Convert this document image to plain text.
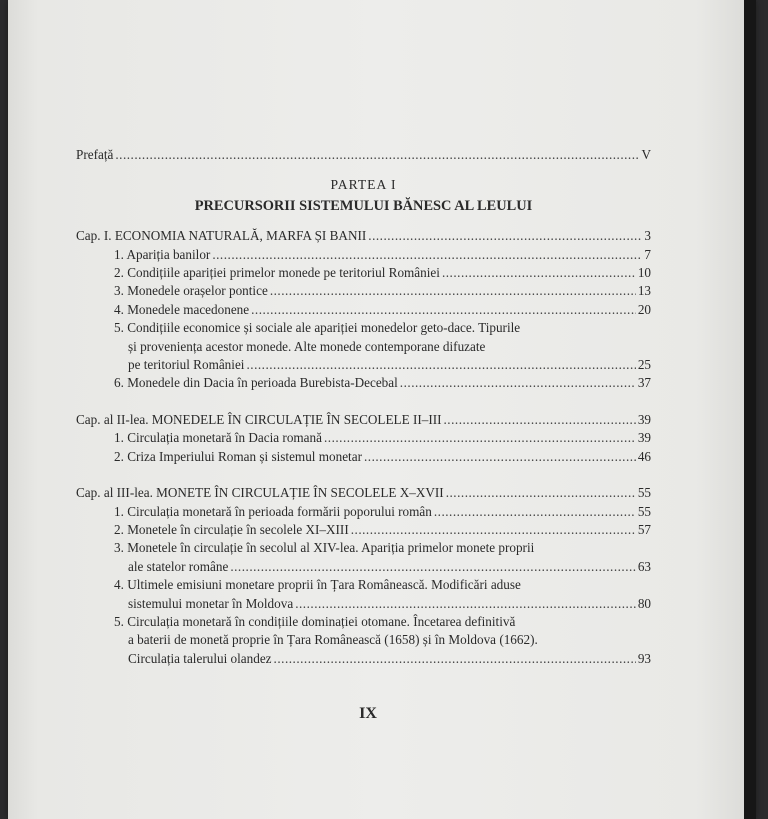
Prefață .....	V
PARTEA I
PRECURSORII SISTEMULUI BĂNESC AL LEULUI
Cap. I. ECONOMIA NATURALĂ, MARFA ȘI BANII .....	3
1. Apariția banilor .....	7
2. Condițiile apariției primelor monede pe teritoriul României .....	10
3. Monedele orașelor pontice .....	13
4. Monedele macedonene .....	20
5. Condițiile economice și sociale ale apariției monedelor geto-dace. Tipurile
și proveniența acestor monede. Alte monede contemporane difuzate
pe teritoriul României .....	25
6. Monedele din Dacia în perioada Burebista-Decebal .....	37
Cap. al II-lea. MONEDELE ÎN CIRCULAȚIE ÎN SECOLELE II–III .....	39
1. Circulația monetară în Dacia romană .....	39
2. Criza Imperiului Roman și sistemul monetar .....	46
Cap. al III-lea. MONETE ÎN CIRCULAȚIE ÎN SECOLELE X–XVII .....	55
1. Circulația monetară în perioada formării poporului român .....	55
2. Monetele în circulație în secolele XI–XIII .....	57
3. Monetele în circulație în secolul al XIV-lea. Apariția primelor monete proprii
ale statelor române .....	63
4. Ultimele emisiuni monetare proprii în Țara Românească. Modificări aduse
sistemului monetar în Moldova .....	80
5. Circulația monetară în condițiile dominației otomane. Încetarea definitivă
a baterii de monetă proprie în Țara Românească (1658) și în Moldova (1662).
Circulația talerului olandez .....	93
IX
